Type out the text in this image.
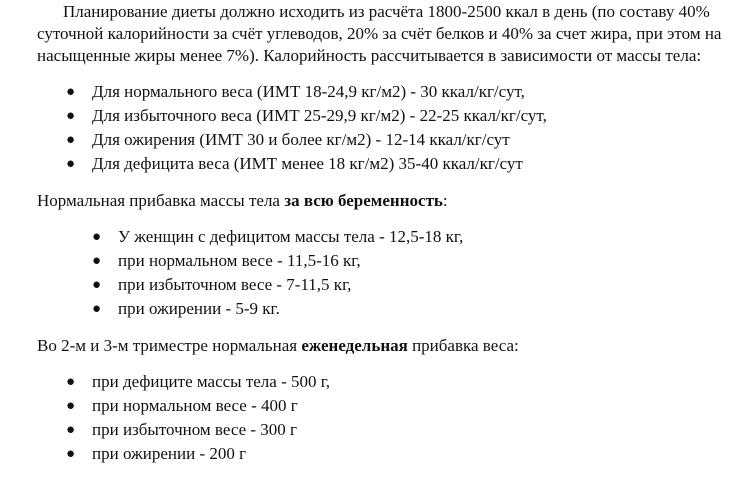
Планирование диеты должно исходить из расчёта 1800-2500 ккал в день (по составу 40% суточной калорийности за счёт углеводов, 20% за счёт белков и 40% за счет жира, при этом на насыщенные жиры менее 7%). Калорийность рассчитывается в зависимости от массы тела:

● Для нормального веса (ИМТ 18-24,9 кг/м2) - 30 ккал/кг/сут,
● Для избыточного веса (ИМТ 25-29,9 кг/м2) - 22-25 ккал/кг/сут,
● Для ожирения (ИМТ 30 и более кг/м2) - 12-14 ккал/кг/сут
● Для дефицита веса (ИМТ менее 18 кг/м2) 35-40 ккал/кг/сут

Нормальная прибавка массы тела за всю беременность:

● У женщин с дефицитом массы тела - 12,5-18 кг,
● при нормальном весе - 11,5-16 кг,
● при избыточном весе - 7-11,5 кг,
● при ожирении - 5-9 кг.

Во 2-м и 3-м триместре нормальная еженедельная прибавка веса:

● при дефиците массы тела - 500 г,
● при нормальном весе - 400 г
● при избыточном весе - 300 г
● при ожирении - 200 г
